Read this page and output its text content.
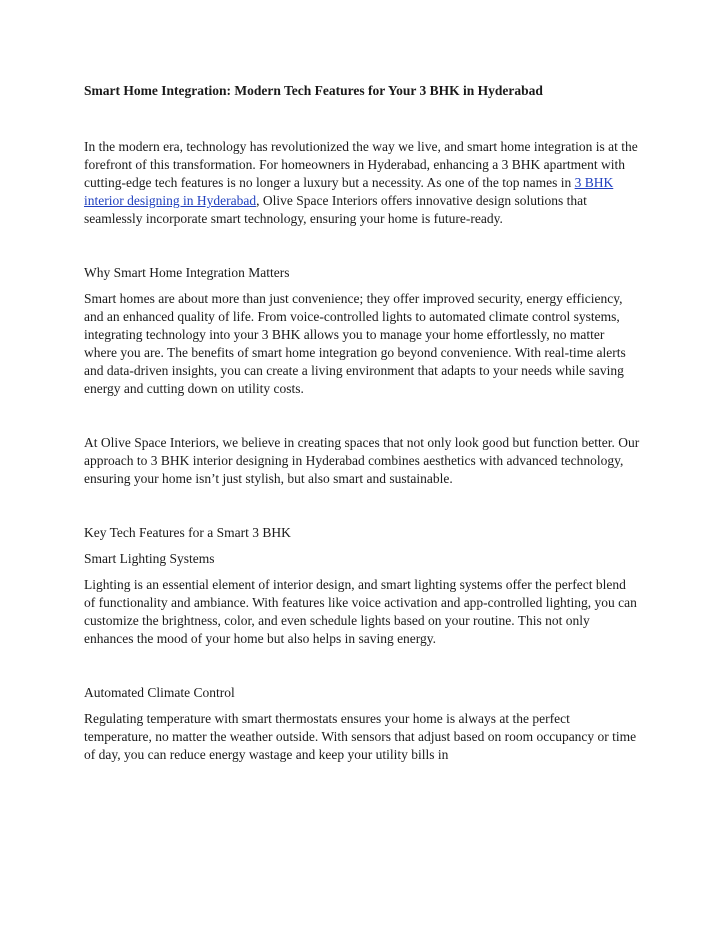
Smart Home Integration: Modern Tech Features for Your 3 BHK in Hyderabad

In the modern era, technology has revolutionized the way we live, and smart home integration is at the forefront of this transformation. For homeowners in Hyderabad, enhancing a 3 BHK apartment with cutting-edge tech features is no longer a luxury but a necessity. As one of the top names in 3 BHK interior designing in Hyderabad, Olive Space Interiors offers innovative design solutions that seamlessly incorporate smart technology, ensuring your home is future-ready.

Why Smart Home Integration Matters

Smart homes are about more than just convenience; they offer improved security, energy efficiency, and an enhanced quality of life. From voice-controlled lights to automated climate control systems, integrating technology into your 3 BHK allows you to manage your home effortlessly, no matter where you are. The benefits of smart home integration go beyond convenience. With real-time alerts and data-driven insights, you can create a living environment that adapts to your needs while saving energy and cutting down on utility costs.

At Olive Space Interiors, we believe in creating spaces that not only look good but function better. Our approach to 3 BHK interior designing in Hyderabad combines aesthetics with advanced technology, ensuring your home isn’t just stylish, but also smart and sustainable.

Key Tech Features for a Smart 3 BHK
Smart Lighting Systems

Lighting is an essential element of interior design, and smart lighting systems offer the perfect blend of functionality and ambiance. With features like voice activation and app-controlled lighting, you can customize the brightness, color, and even schedule lights based on your routine. This not only enhances the mood of your home but also helps in saving energy.

Automated Climate Control

Regulating temperature with smart thermostats ensures your home is always at the perfect temperature, no matter the weather outside. With sensors that adjust based on room occupancy or time of day, you can reduce energy wastage and keep your utility bills in
